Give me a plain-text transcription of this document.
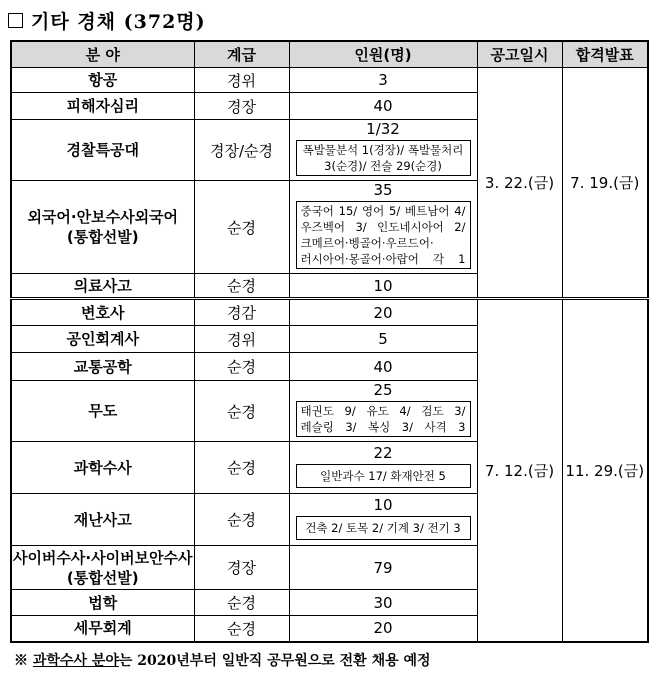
기타 경채 (372명)
분 야	계급	인원(명)	공고일시	합격발표
항공	경위	3	3. 22.(금)	7. 19.(금)
피해자심리	경장	40		
경찰특공대	경장/순경	1/32
폭발물분석 1(경장)/ 폭발물처리
3(순경)/ 전술 29(순경)		

외국어·안보수사외국어
(통합선발)	순경	35
중국어 15/ 영어 5/ 베트남어 4/
우즈벡어 3/ 인도네시아어 2/
크메르어·벵골어·우르드어·
러시아어·몽골어·아랍어 각 1		

의료사고	순경	10		
변호사	경감	20	7. 12.(금)	11. 29.(금)
공인회계사	경위	5		
교통공학	순경	40		
무도	순경	25
태권도 9/ 유도 4/ 검도 3/
레슬링 3/ 복싱 3/ 사격 3		

과학수사	순경	22
일반과수 17/ 화재안전 5		

재난사고	순경	10
건축 2/ 토목 2/ 기계 3/ 전기 3		

사이버수사·사이버보안수사
(통합선발)	경장	79		
법학	순경	30		
세무회계	순경	20		
※ 과학수사 분야는 2020년부터 일반직 공무원으로 전환 채용 예정
